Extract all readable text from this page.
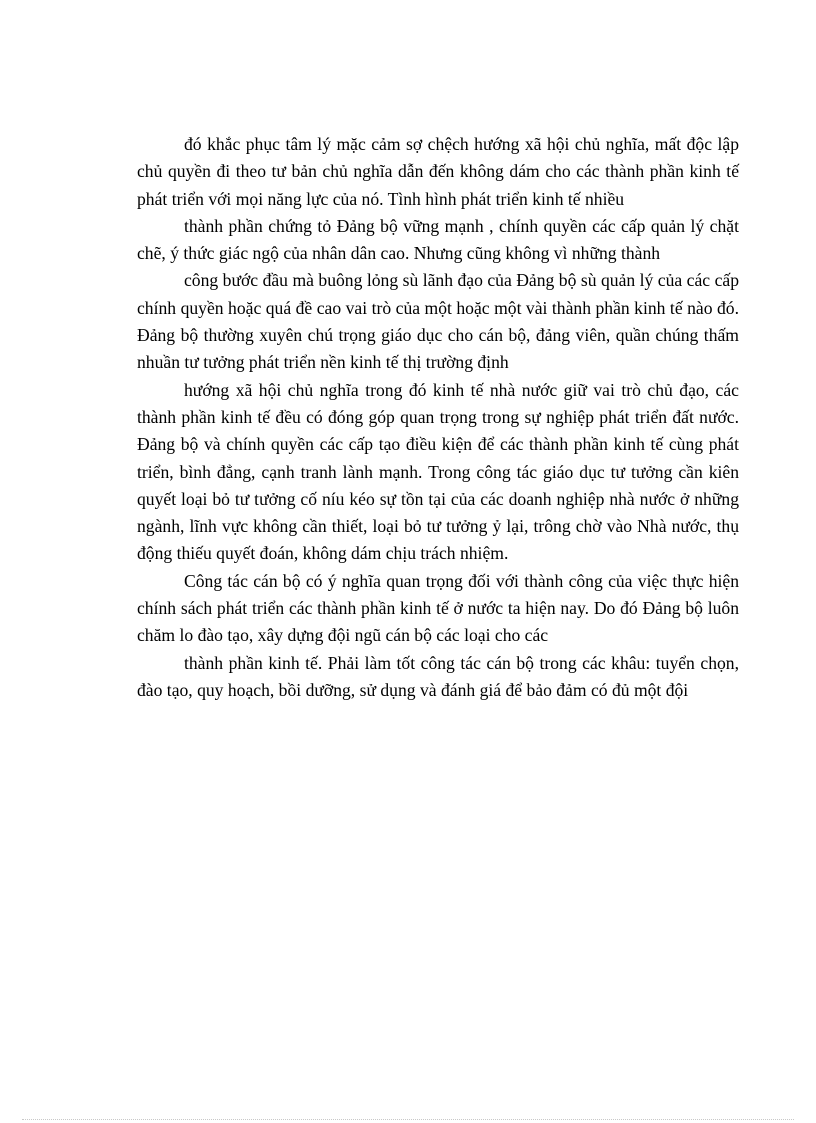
đó khắc phục tâm lý mặc cảm sợ chệch hướng xã hội chủ nghĩa, mất độc lập chủ quyền đi theo tư bản chủ nghĩa dẫn đến không dám cho các thành phần kinh tế phát triển với mọi năng lực của nó. Tình hình phát triển kinh tế nhiều

thành phần chứng tỏ Đảng bộ vững mạnh , chính quyền các cấp quản lý chặt chẽ, ý thức giác ngộ của nhân dân cao. Nhưng cũng không vì những thành

công bước đầu mà buông lỏng sù lãnh đạo của Đảng bộ sù quản lý của các cấp chính quyền hoặc quá đề cao vai trò của một hoặc một vài thành phần kinh tế nào đó. Đảng bộ thường xuyên chú trọng giáo dục cho cán bộ, đảng viên, quần chúng thấm nhuần tư tưởng phát triển nền kinh tế thị trường định

hướng xã hội chủ nghĩa trong đó kinh tế nhà nước giữ vai trò chủ đạo, các thành phần kinh tế đều có đóng góp quan trọng trong sự nghiệp phát triển đất nước. Đảng bộ và chính quyền các cấp tạo điều kiện để các thành phần kinh tế cùng phát triển, bình đẳng, cạnh tranh lành mạnh. Trong công tác giáo dục tư tưởng cần kiên quyết loại bỏ tư tưởng cố níu kéo sự tồn tại của các doanh nghiệp nhà nước ở những ngành, lĩnh vực không cần thiết, loại bỏ tư tưởng ỷ lại, trông chờ vào Nhà nước, thụ động thiếu quyết đoán, không dám chịu trách nhiệm.

Công tác cán bộ có ý nghĩa quan trọng đối với thành công của việc thực hiện chính sách phát triển các thành phần kinh tế ở nước ta hiện nay. Do đó Đảng bộ luôn chăm lo đào tạo, xây dựng đội ngũ cán bộ các loại cho các

thành phần kinh tế. Phải làm tốt công tác cán bộ trong các khâu: tuyển chọn, đào tạo, quy hoạch, bồi dưỡng, sử dụng và đánh giá để bảo đảm có đủ một đội
